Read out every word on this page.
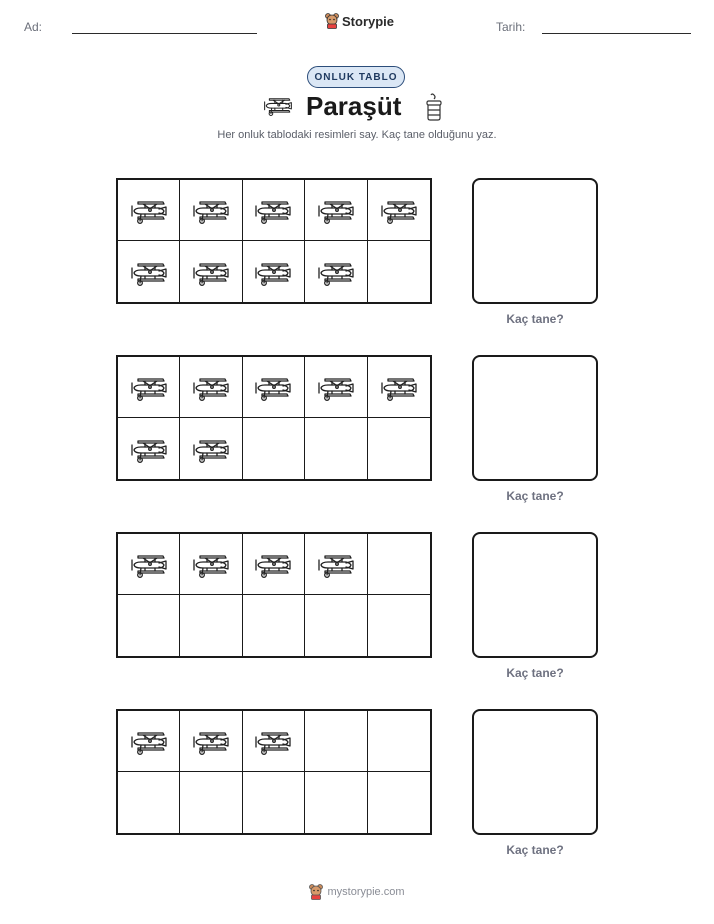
Ad:	Storypie	Tarih:
ONLUK TABLO
Paraşüt
Her onluk tablodaki resimleri say. Kaç tane olduğunu yaz.
Kaç tane?
Kaç tane?
Kaç tane?
Kaç tane?
mystorypie.com
